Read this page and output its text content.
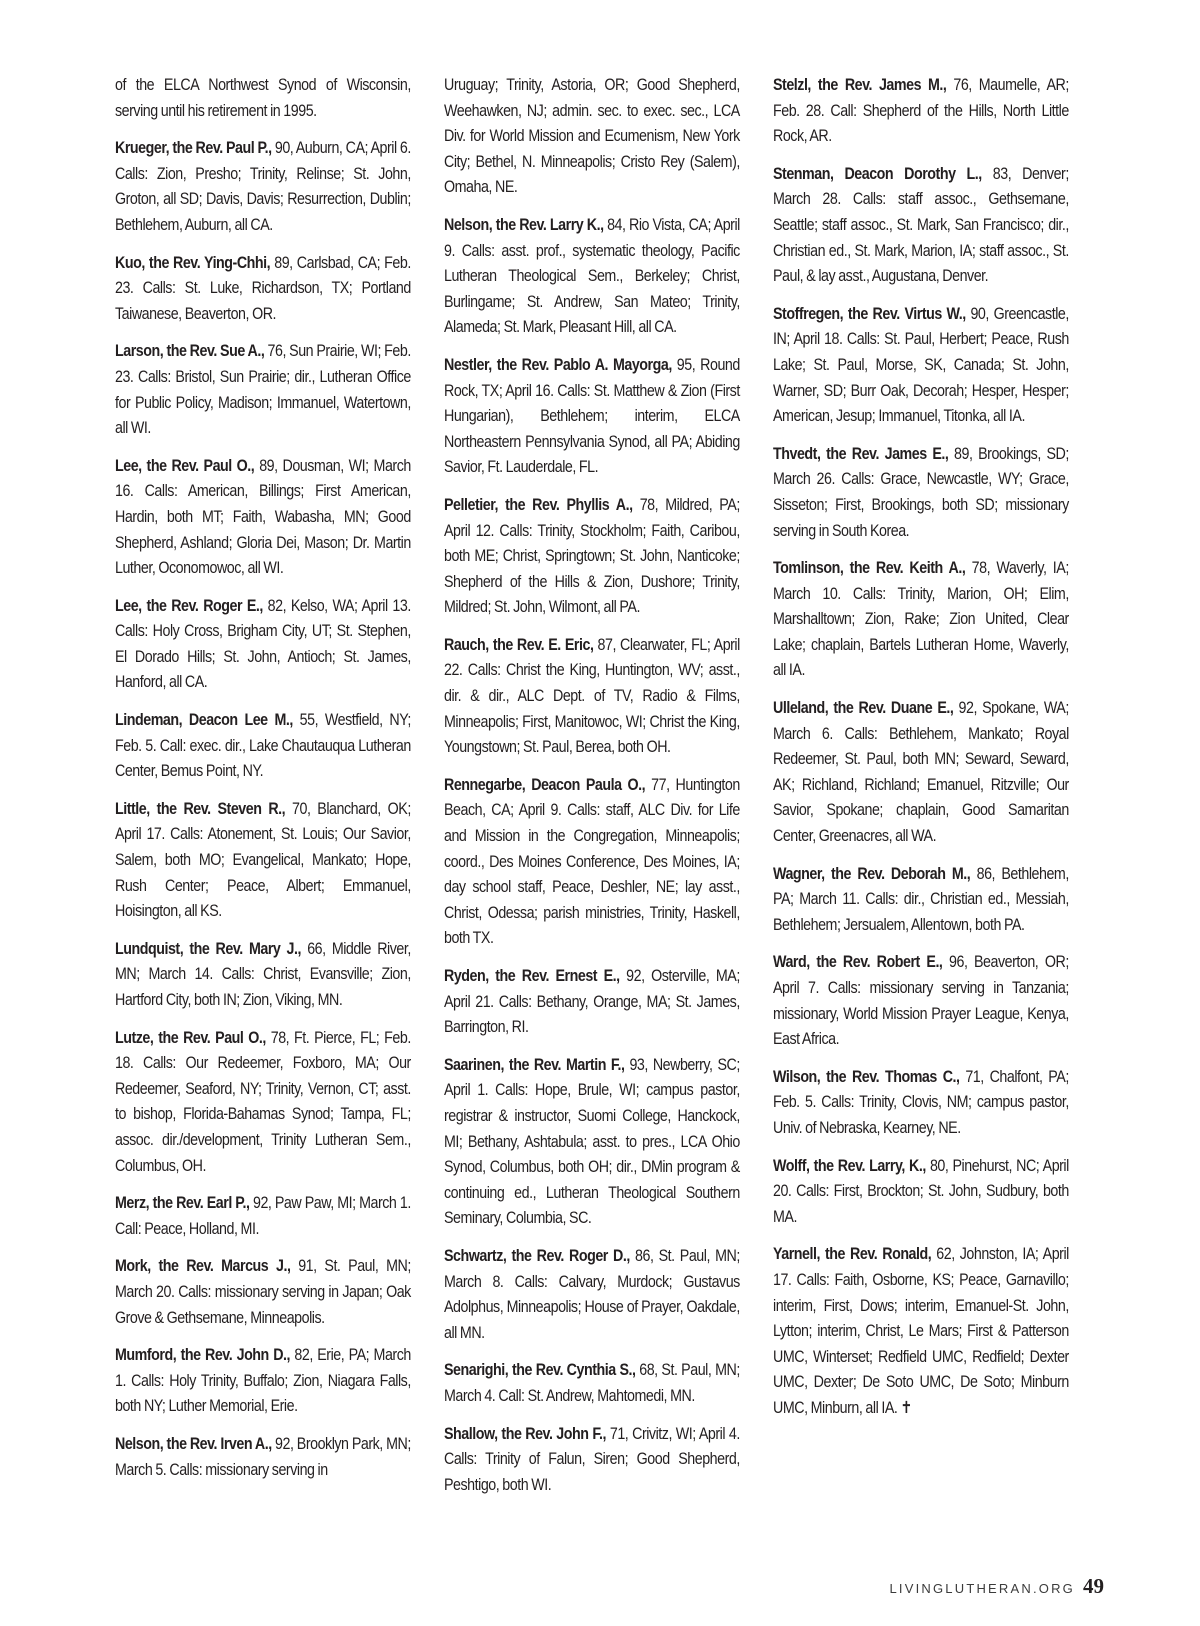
of the ELCA Northwest Synod of Wisconsin, serving until his retirement in 1995.

Krueger, the Rev. Paul P., 90, Auburn, CA; April 6. Calls: Zion, Presho; Trinity, Relinse; St. John, Groton, all SD; Davis, Davis; Resurrection, Dublin; Bethlehem, Auburn, all CA.

Kuo, the Rev. Ying-Chhi, 89, Carlsbad, CA; Feb. 23. Calls: St. Luke, Richardson, TX; Portland Taiwanese, Beaverton, OR.

Larson, the Rev. Sue A., 76, Sun Prairie, WI; Feb. 23. Calls: Bristol, Sun Prairie; dir., Lutheran Office for Public Policy, Madison; Immanuel, Watertown, all WI.

Lee, the Rev. Paul O., 89, Dousman, WI; March 16. Calls: American, Billings; First American, Hardin, both MT; Faith, Wabasha, MN; Good Shepherd, Ashland; Gloria Dei, Mason; Dr. Martin Luther, Oconomowoc, all WI.

Lee, the Rev. Roger E., 82, Kelso, WA; April 13. Calls: Holy Cross, Brigham City, UT; St. Stephen, El Dorado Hills; St. John, Antioch; St. James, Hanford, all CA.

Lindeman, Deacon Lee M., 55, Westfield, NY; Feb. 5. Call: exec. dir., Lake Chautauqua Lutheran Center, Bemus Point, NY.

Little, the Rev. Steven R., 70, Blanchard, OK; April 17. Calls: Atonement, St. Louis; Our Savior, Salem, both MO; Evangelical, Mankato; Hope, Rush Center; Peace, Albert; Emmanuel, Hoisington, all KS.

Lundquist, the Rev. Mary J., 66, Middle River, MN; March 14. Calls: Christ, Evansville; Zion, Hartford City, both IN; Zion, Viking, MN.

Lutze, the Rev. Paul O., 78, Ft. Pierce, FL; Feb. 18. Calls: Our Redeemer, Foxboro, MA; Our Redeemer, Seaford, NY; Trinity, Vernon, CT; asst. to bishop, Florida-Bahamas Synod; Tampa, FL; assoc. dir./development, Trinity Lutheran Sem., Columbus, OH.

Merz, the Rev. Earl P., 92, Paw Paw, MI; March 1. Call: Peace, Holland, MI.

Mork, the Rev. Marcus J., 91, St. Paul, MN; March 20. Calls: missionary serving in Japan; Oak Grove & Gethsemane, Minneapolis.

Mumford, the Rev. John D., 82, Erie, PA; March 1. Calls: Holy Trinity, Buffalo; Zion, Niagara Falls, both NY; Luther Memorial, Erie.

Nelson, the Rev. Irven A., 92, Brooklyn Park, MN; March 5. Calls: missionary serving in

Uruguay; Trinity, Astoria, OR; Good Shepherd, Weehawken, NJ; admin. sec. to exec. sec., LCA Div. for World Mission and Ecumenism, New York City; Bethel, N. Minneapolis; Cristo Rey (Salem), Omaha, NE.

Nelson, the Rev. Larry K., 84, Rio Vista, CA; April 9. Calls: asst. prof., systematic theology, Pacific Lutheran Theological Sem., Berkeley; Christ, Burlingame; St. Andrew, San Mateo; Trinity, Alameda; St. Mark, Pleasant Hill, all CA.

Nestler, the Rev. Pablo A. Mayorga, 95, Round Rock, TX; April 16. Calls: St. Matthew & Zion (First Hungarian), Bethlehem; interim, ELCA Northeastern Pennsylvania Synod, all PA; Abiding Savior, Ft. Lauderdale, FL.

Pelletier, the Rev. Phyllis A., 78, Mildred, PA; April 12. Calls: Trinity, Stockholm; Faith, Caribou, both ME; Christ, Springtown; St. John, Nanticoke; Shepherd of the Hills & Zion, Dushore; Trinity, Mildred; St. John, Wilmont, all PA.

Rauch, the Rev. E. Eric, 87, Clearwater, FL; April 22. Calls: Christ the King, Huntington, WV; asst., dir. & dir., ALC Dept. of TV, Radio & Films, Minneapolis; First, Manitowoc, WI; Christ the King, Youngstown; St. Paul, Berea, both OH.

Rennegarbe, Deacon Paula O., 77, Huntington Beach, CA; April 9. Calls: staff, ALC Div. for Life and Mission in the Congregation, Minneapolis; coord., Des Moines Conference, Des Moines, IA; day school staff, Peace, Deshler, NE; lay asst., Christ, Odessa; parish ministries, Trinity, Haskell, both TX.

Ryden, the Rev. Ernest E., 92, Osterville, MA; April 21. Calls: Bethany, Orange, MA; St. James, Barrington, RI.

Saarinen, the Rev. Martin F., 93, Newberry, SC; April 1. Calls: Hope, Brule, WI; campus pastor, registrar & instructor, Suomi College, Hanckock, MI; Bethany, Ashtabula; asst. to pres., LCA Ohio Synod, Columbus, both OH; dir., DMin program & continuing ed., Lutheran Theological Southern Seminary, Columbia, SC.

Schwartz, the Rev. Roger D., 86, St. Paul, MN; March 8. Calls: Calvary, Murdock; Gustavus Adolphus, Minneapolis; House of Prayer, Oakdale, all MN.

Senarighi, the Rev. Cynthia S., 68, St. Paul, MN; March 4. Call: St. Andrew, Mahtomedi, MN.

Shallow, the Rev. John F., 71, Crivitz, WI; April 4. Calls: Trinity of Falun, Siren; Good Shepherd, Peshtigo, both WI.

Stelzl, the Rev. James M., 76, Maumelle, AR; Feb. 28. Call: Shepherd of the Hills, North Little Rock, AR.

Stenman, Deacon Dorothy L., 83, Denver; March 28. Calls: staff assoc., Gethsemane, Seattle; staff assoc., St. Mark, San Francisco; dir., Christian ed., St. Mark, Marion, IA; staff assoc., St. Paul, & lay asst., Augustana, Denver.

Stoffregen, the Rev. Virtus W., 90, Greencastle, IN; April 18. Calls: St. Paul, Herbert; Peace, Rush Lake; St. Paul, Morse, SK, Canada; St. John, Warner, SD; Burr Oak, Decorah; Hesper, Hesper; American, Jesup; Immanuel, Titonka, all IA.

Thvedt, the Rev. James E., 89, Brookings, SD; March 26. Calls: Grace, Newcastle, WY; Grace, Sisseton; First, Brookings, both SD; missionary serving in South Korea.

Tomlinson, the Rev. Keith A., 78, Waverly, IA; March 10. Calls: Trinity, Marion, OH; Elim, Marshalltown; Zion, Rake; Zion United, Clear Lake; chaplain, Bartels Lutheran Home, Waverly, all IA.

Ulleland, the Rev. Duane E., 92, Spokane, WA; March 6. Calls: Bethlehem, Mankato; Royal Redeemer, St. Paul, both MN; Seward, Seward, AK; Richland, Richland; Emanuel, Ritzville; Our Savior, Spokane; chaplain, Good Samaritan Center, Greenacres, all WA.

Wagner, the Rev. Deborah M., 86, Bethlehem, PA; March 11. Calls: dir., Christian ed., Messiah, Bethlehem; Jersualem, Allentown, both PA.

Ward, the Rev. Robert E., 96, Beaverton, OR; April 7. Calls: missionary serving in Tanzania; missionary, World Mission Prayer League, Kenya, East Africa.

Wilson, the Rev. Thomas C., 71, Chalfont, PA; Feb. 5. Calls: Trinity, Clovis, NM; campus pastor, Univ. of Nebraska, Kearney, NE.

Wolff, the Rev. Larry, K., 80, Pinehurst, NC; April 20. Calls: First, Brockton; St. John, Sudbury, both MA.

Yarnell, the Rev. Ronald, 62, Johnston, IA; April 17. Calls: Faith, Osborne, KS; Peace, Garnavillo; interim, First, Dows; interim, Emanuel-St. John, Lytton; interim, Christ, Le Mars; First & Patterson UMC, Winterset; Redfield UMC, Redfield; Dexter UMC, Dexter; De Soto UMC, De Soto; Minburn UMC, Minburn, all IA. ✝

LIVINGLUTHERAN.ORG 49
